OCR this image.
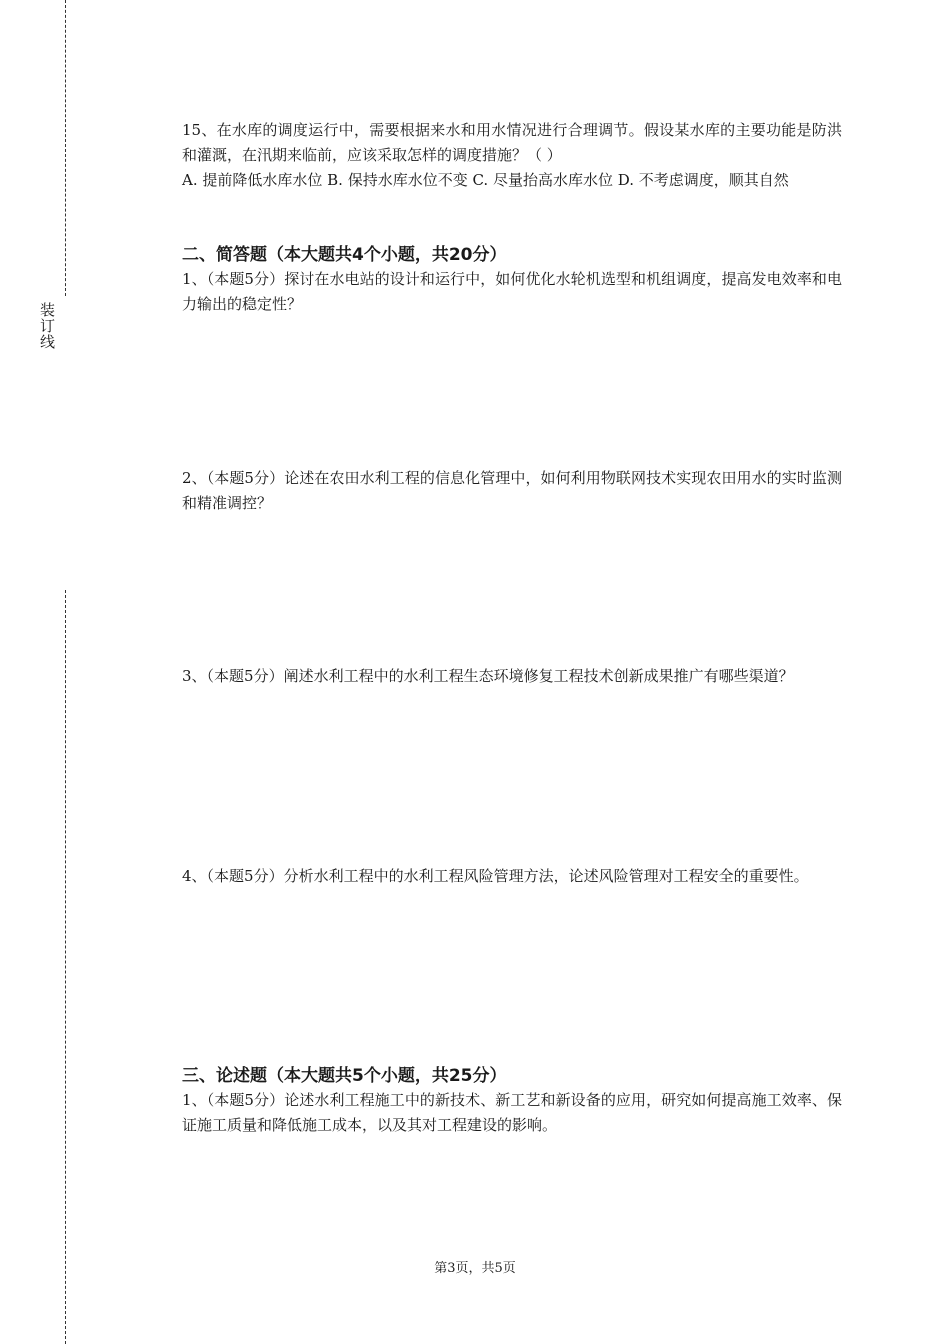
装订线

15、在水库的调度运行中，需要根据来水和用水情况进行合理调节。假设某水库的主要功能是防洪和灌溉，在汛期来临前，应该采取怎样的调度措施？（ ）

A. 提前降低水库水位 B. 保持水库水位不变 C. 尽量抬高水库水位 D. 不考虑调度，顺其自然

二、简答题（本大题共4个小题，共20分）

1、（本题5分）探讨在水电站的设计和运行中，如何优化水轮机选型和机组调度，提高发电效率和电力输出的稳定性？

2、（本题5分）论述在农田水利工程的信息化管理中，如何利用物联网技术实现农田用水的实时监测和精准调控？

3、（本题5分）阐述水利工程中的水利工程生态环境修复工程技术创新成果推广有哪些渠道？

4、（本题5分）分析水利工程中的水利工程风险管理方法，论述风险管理对工程安全的重要性。

三、论述题（本大题共5个小题，共25分）

1、（本题5分）论述水利工程施工中的新技术、新工艺和新设备的应用，研究如何提高施工效率、保证施工质量和降低施工成本，以及其对工程建设的影响。

第3页，共5页
